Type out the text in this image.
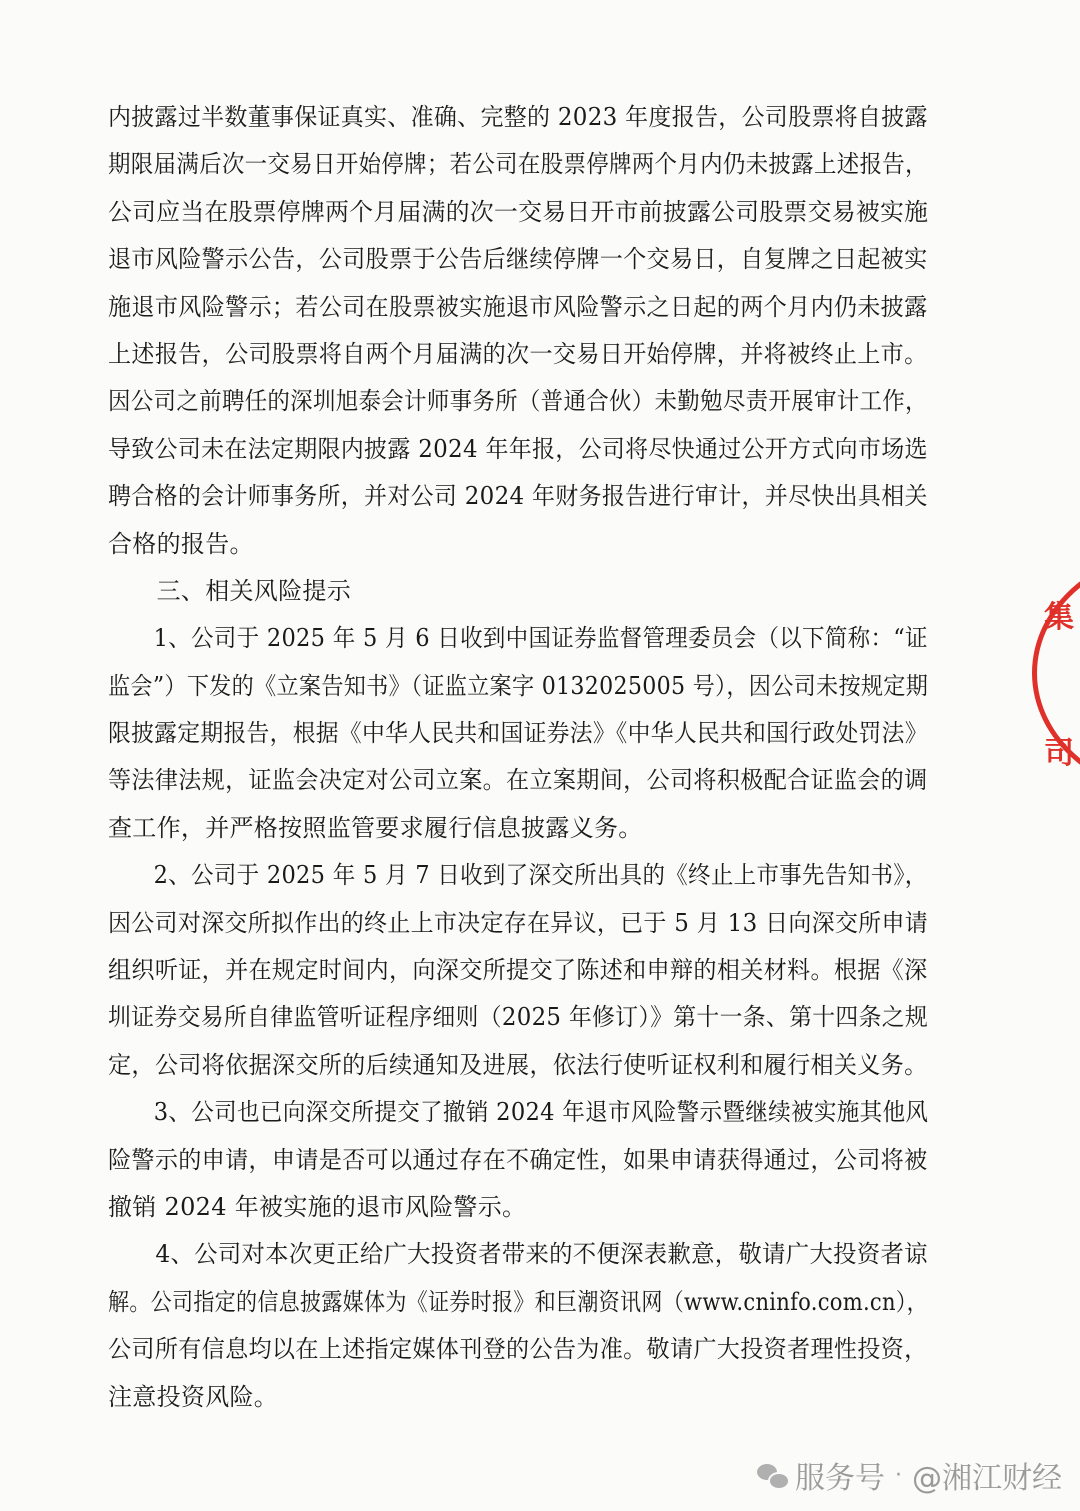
内披露过半数董事保证真实、准确、完整的 2023 年度报告，公司股票将自披露
期限届满后次一交易日开始停牌；若公司在股票停牌两个月内仍未披露上述报告，
公司应当在股票停牌两个月届满的次一交易日开市前披露公司股票交易被实施
退市风险警示公告，公司股票于公告后继续停牌一个交易日，自复牌之日起被实
施退市风险警示；若公司在股票被实施退市风险警示之日起的两个月内仍未披露
上述报告，公司股票将自两个月届满的次一交易日开始停牌，并将被终止上市。
因公司之前聘任的深圳旭泰会计师事务所（普通合伙）未勤勉尽责开展审计工作，
导致公司未在法定期限内披露 2024 年年报，公司将尽快通过公开方式向市场选
聘合格的会计师事务所，并对公司 2024 年财务报告进行审计，并尽快出具相关
合格的报告。
　　三、相关风险提示
　　1、公司于 2025 年 5 月 6 日收到中国证券监督管理委员会（以下简称：“证
监会”）下发的《立案告知书》（证监立案字 0132025005 号），因公司未按规定期
限披露定期报告，根据《中华人民共和国证券法》《中华人民共和国行政处罚法》
等法律法规，证监会决定对公司立案。在立案期间，公司将积极配合证监会的调
查工作，并严格按照监管要求履行信息披露义务。
　　2、公司于 2025 年 5 月 7 日收到了深交所出具的《终止上市事先告知书》，
因公司对深交所拟作出的终止上市决定存在异议，已于 5 月 13 日向深交所申请
组织听证，并在规定时间内，向深交所提交了陈述和申辩的相关材料。根据《深
圳证券交易所自律监管听证程序细则（2025 年修订）》第十一条、第十四条之规
定，公司将依据深交所的后续通知及进展，依法行使听证权利和履行相关义务。
　　3、公司也已向深交所提交了撤销 2024 年退市风险警示暨继续被实施其他风
险警示的申请，申请是否可以通过存在不确定性，如果申请获得通过，公司将被
撤销 2024 年被实施的退市风险警示。
　　4、公司对本次更正给广大投资者带来的不便深表歉意，敬请广大投资者谅
解。公司指定的信息披露媒体为《证券时报》和巨潮资讯网（www.cninfo.com.cn），
公司所有信息均以在上述指定媒体刊登的公告为准。敬请广大投资者理性投资，
注意投资风险。
集
司
服务号 · @湘江财经
